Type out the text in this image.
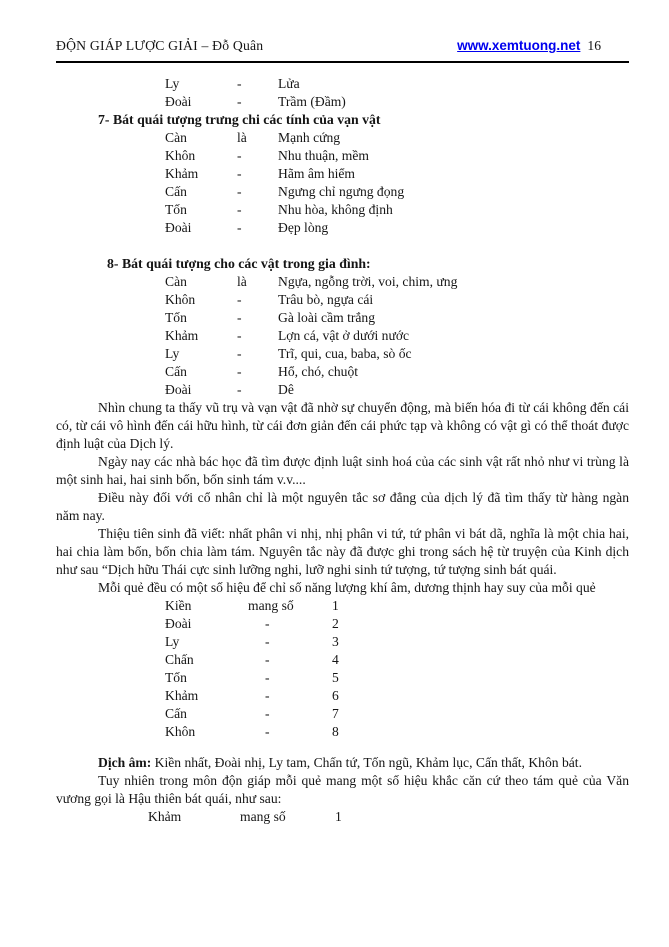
ĐỘN GIÁP LƯỢC GIẢI – Đỗ Quân	www.xemtuong.net 16
Ly	-	Lửa
Đoài	-	Trầm (Đầm)
7- Bát quái tượng trưng chi các tính của vạn vật
Càn	là	Mạnh cứng
Khôn	-	Nhu thuận, mềm
Khảm	-	Hãm âm hiểm
Cấn	-	Ngưng chỉ ngưng đọng
Tốn	-	Nhu hòa, không định
Đoài	-	Đẹp lòng
8- Bát quái tượng cho các vật trong gia đình:
Càn	là	Ngựa, ngỗng trời, voi, chim, ưng
Khôn	-	Trâu bò, ngựa cái
Tốn	-	Gà loài cầm trắng
Khảm	-	Lợn cá, vật ở dưới nước
Ly	-	Trĩ, qui, cua, baba, sò ốc
Cấn	-	Hổ, chó, chuột
Đoài	-	Dê

Nhìn chung ta thấy vũ trụ và vạn vật đã nhờ sự chuyển động, mà biến hóa đi từ cái không đến cái có, từ cái vô hình đến cái hữu hình, từ cái đơn giản đến cái phức tạp và không có vật gì có thể thoát được định luật của Dịch lý.

Ngày nay các nhà bác học đã tìm được định luật sinh hoá của các sinh vật rất nhỏ như vi trùng là một sinh hai, hai sinh bốn, bốn sinh tám v.v....

Điều này đối với cổ nhân chỉ là một nguyên tắc sơ đẳng của dịch lý đã tìm thấy từ hàng ngàn năm nay.

Thiệu tiên sinh đã viết: nhất phân vi nhị, nhị phân vi tứ, tứ phân vi bát dã, nghĩa là một chia hai, hai chia làm bốn, bốn chia làm tám. Nguyên tắc này đã được ghi trong sách hệ từ truyện của Kinh dịch như sau “Dịch hữu Thái cực sinh lưỡng nghi, lưỡ nghi sinh tứ tượng, tứ tượng sinh bát quái.

Mỗi quẻ đều có một số hiệu để chỉ số năng lượng khí âm, dương thịnh hay suy của mỗi quẻ

Kiền	mang số	1
Đoài	-	2
Ly	-	3
Chấn	-	4
Tốn	-	5
Khảm	-	6
Cấn	-	7
Khôn	-	8

Dịch âm: Kiền nhất, Đoài nhị, Ly tam, Chấn tứ, Tốn ngũ, Khảm lục, Cấn thất, Khôn bát.

Tuy nhiên trong môn độn giáp mỗi quẻ mang một số hiệu khắc căn cứ theo tám quẻ của Văn vương gọi là Hậu thiên bát quái, như sau:

Khảm	mang số	1
